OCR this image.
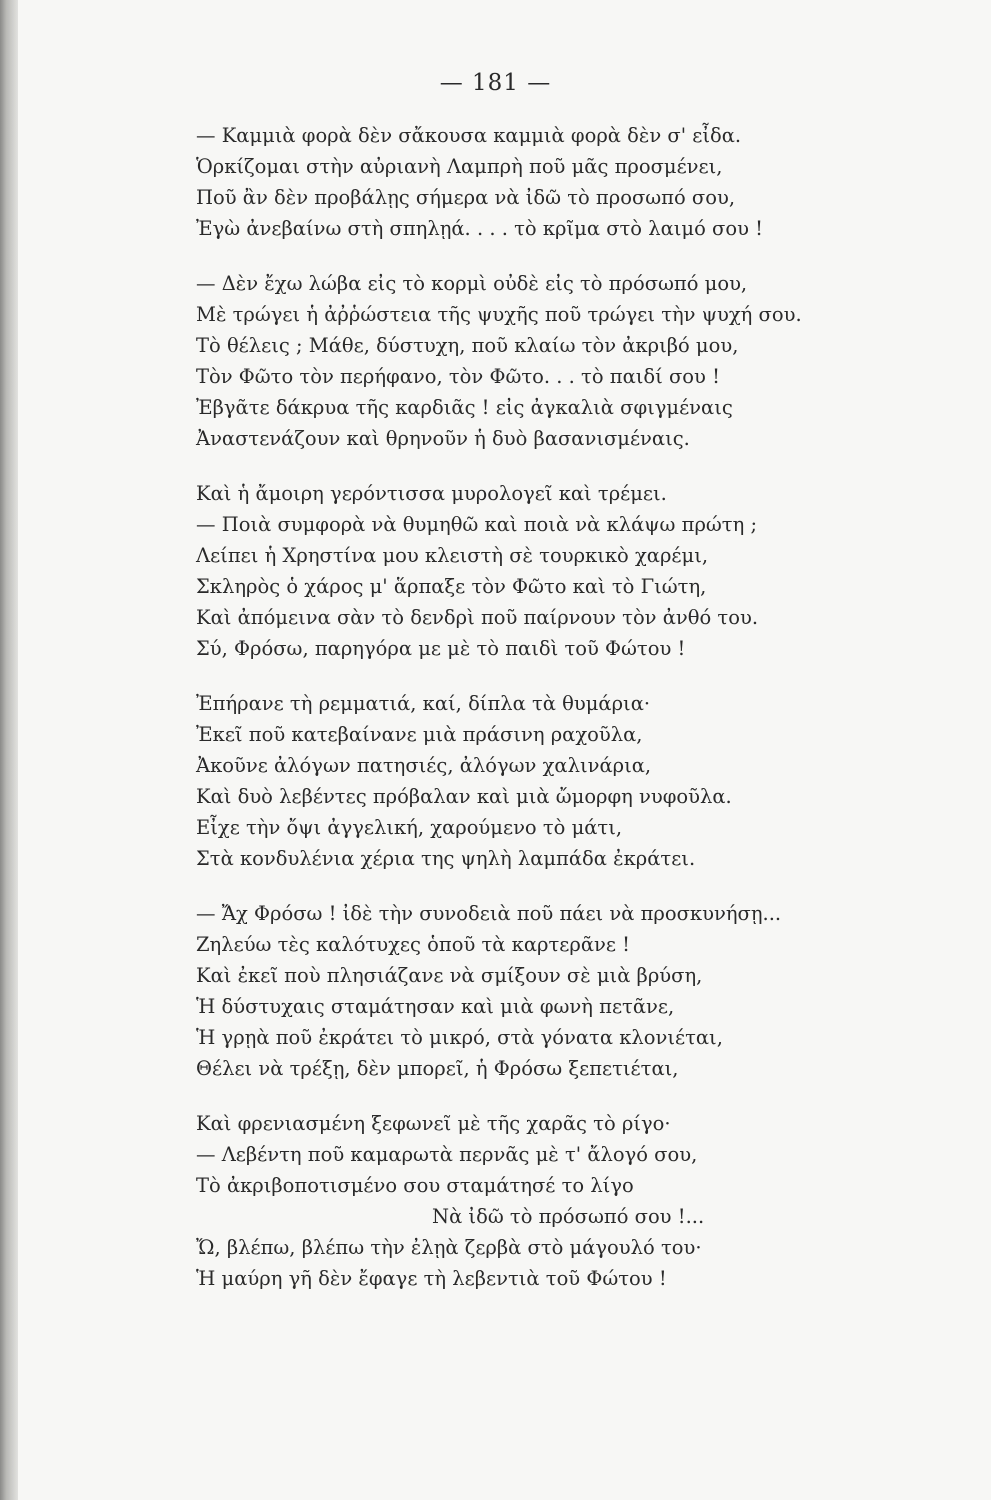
— 181 —
— Καμμιὰ φορὰ δὲν σἄκουσα καμμιὰ φορὰ δὲν σ' εἶδα.
Ὁρκίζομαι στὴν αὐριανὴ Λαμπρὴ ποῦ μᾶς προσμένει,
Ποῦ ἂν δὲν προβάλῃς σήμερα νὰ ἰδῶ τὸ προσωπό σου,
Ἐγὼ ἀνεβαίνω στὴ σπηλῃά. . . . τὸ κρῖμα στὸ λαιμό σου !
— Δὲν ἔχω λώβα εἰς τὸ κορμὶ οὐδὲ εἰς τὸ πρόσωπό μου,
Μὲ τρώγει ἡ ἀῤῥώστεια τῆς ψυχῆς ποῦ τρώγει τὴν ψυχή σου.
Τὸ θέλεις ; Μάθε, δύστυχη, ποῦ κλαίω τὸν ἀκριβό μου,
Τὸν Φῶτο τὸν περήφανο, τὸν Φῶτο. . . τὸ παιδί σου !
Ἐβγᾶτε δάκρυα τῆς καρδιᾶς ! εἰς ἀγκαλιὰ σφιγμέναις
Ἀναστενάζουν καὶ θρηνοῦν ἡ δυὸ βασανισμέναις.
Καὶ ἡ ἄμοιρη γερόντισσα μυρολογεῖ καὶ τρέμει.
— Ποιὰ συμφορὰ νὰ θυμηθῶ καὶ ποιὰ νὰ κλάψω πρώτη ;
Λείπει ἡ Χρηστίνα μου κλειστὴ σὲ τουρκικὸ χαρέμι,
Σκληρὸς ὁ χάρος μ' ἅρπαξε τὸν Φῶτο καὶ τὸ Γιώτη,
Καὶ ἀπόμεινα σὰν τὸ δενδρὶ ποῦ παίρνουν τὸν ἀνθό του.
Σύ, Φρόσω, παρηγόρα με μὲ τὸ παιδὶ τοῦ Φώτου !
Ἐπήρανε τὴ ρεμματιά, καί, δίπλα τὰ θυμάρια·
Ἐκεῖ ποῦ κατεβαίνανε μιὰ πράσινη ραχοῦλα,
Ἀκοῦνε ἀλόγων πατησιές, ἀλόγων χαλινάρια,
Καὶ δυὸ λεβέντες πρόβαλαν καὶ μιὰ ὤμορφη νυφοῦλα.
Εἶχε τὴν ὄψι ἀγγελική, χαρούμενο τὸ μάτι,
Στὰ κονδυλένια χέρια της ψηλὴ λαμπάδα ἐκράτει.
— Ἄχ Φρόσω ! ἰδὲ τὴν συνοδειὰ ποῦ πάει νὰ προσκυνήσῃ...
Ζηλεύω τὲς καλότυχες ὁποῦ τὰ καρτερᾶνε !
Καὶ ἐκεῖ ποὺ πλησιάζανε νὰ σμίξουν σὲ μιὰ βρύση,
Ἡ δύστυχαις σταμάτησαν καὶ μιὰ φωνὴ πετᾶνε,
Ἡ γρῃὰ ποῦ ἐκράτει τὸ μικρό, στὰ γόνατα κλονιέται,
Θέλει νὰ τρέξῃ, δὲν μπορεῖ, ἡ Φρόσω ξεπετιέται,
Καὶ φρενιασμένη ξεφωνεῖ μὲ τῆς χαρᾶς τὸ ρίγο·
— Λεβέντη ποῦ καμαρωτὰ περνᾶς μὲ τ' ἄλογό σου,
Τὸ ἀκριβοποτισμένο σου σταμάτησέ το λίγο
Νὰ ἰδῶ τὸ πρόσωπό σου !...
Ὤ, βλέπω, βλέπω τὴν ἐλῃὰ ζερβὰ στὸ μάγουλό του·
Ἡ μαύρη γῆ δὲν ἔφαγε τὴ λεβεντιὰ τοῦ Φώτου !
